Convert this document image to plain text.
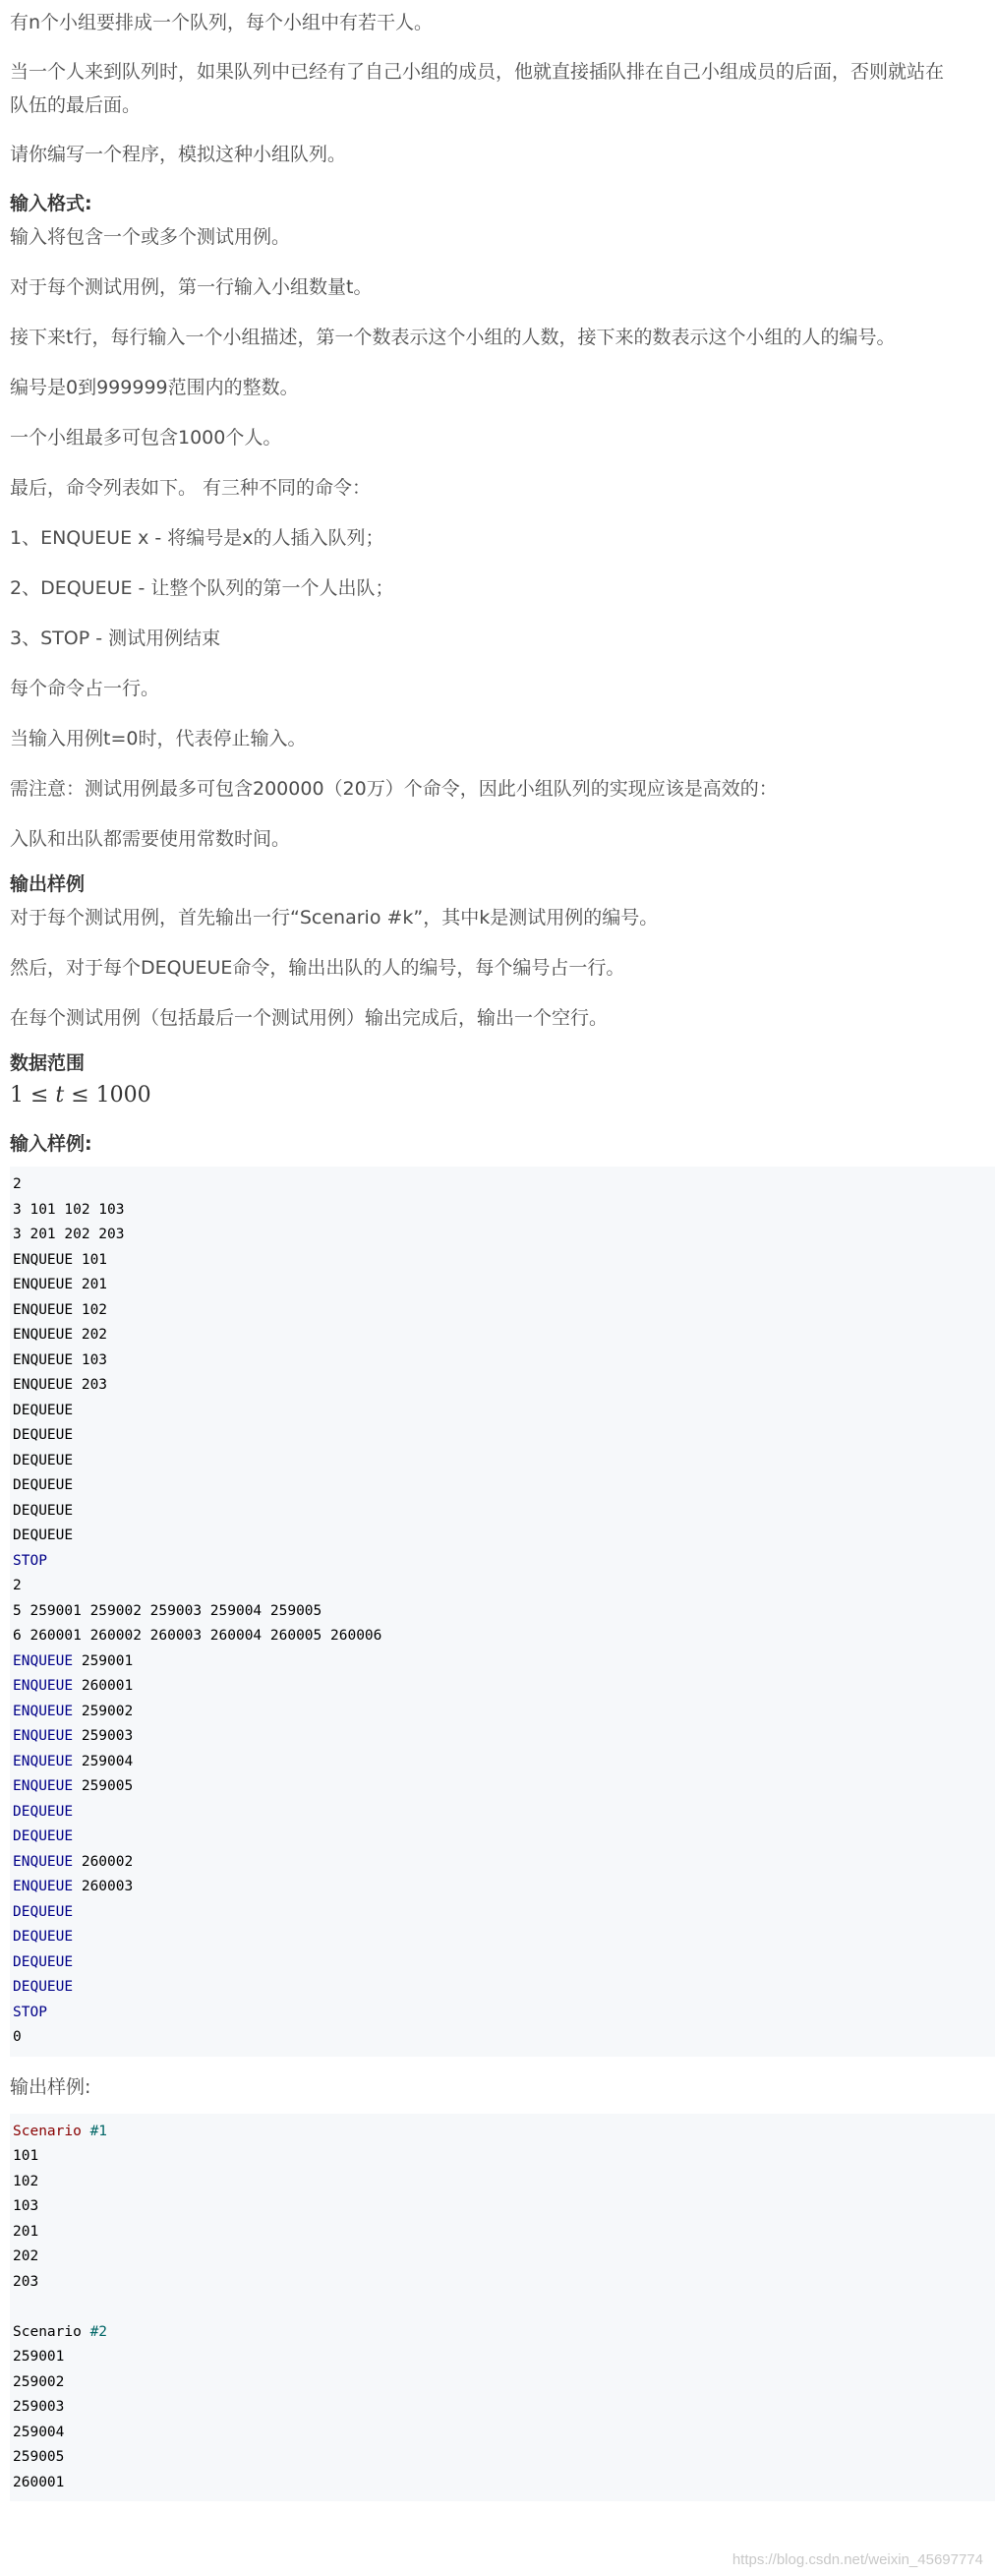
有n个小组要排成一个队列，每个小组中有若干人。

当一个人来到队列时，如果队列中已经有了自己小组的成员，他就直接插队排在自己小组成员的后面，否则就站在

队伍的最后面。

请你编写一个程序，模拟这种小组队列。

输入格式:

输入将包含一个或多个测试用例。

对于每个测试用例，第一行输入小组数量t。

接下来t行，每行输入一个小组描述，第一个数表示这个小组的人数，接下来的数表示这个小组的人的编号。

编号是0到999999范围内的整数。

一个小组最多可包含1000个人。

最后，命令列表如下。 有三种不同的命令：

1、ENQUEUE x - 将编号是x的人插入队列；

2、DEQUEUE - 让整个队列的第一个人出队；

3、STOP - 测试用例结束

每个命令占一行。

当输入用例t=0时，代表停止输入。

需注意：测试用例最多可包含200000（20万）个命令，因此小组队列的实现应该是高效的：

入队和出队都需要使用常数时间。

输出样例

对于每个测试用例，首先输出一行“Scenario #k”，其中k是测试用例的编号。

然后，对于每个DEQUEUE命令，输出出队的人的编号，每个编号占一行。

在每个测试用例（包括最后一个测试用例）输出完成后，输出一个空行。

数据范围

1 ≤ t ≤ 1000

输入样例:

2
3 101 102 103
3 201 202 203
ENQUEUE 101
ENQUEUE 201
ENQUEUE 102
ENQUEUE 202
ENQUEUE 103
ENQUEUE 203
DEQUEUE
DEQUEUE
DEQUEUE
DEQUEUE
DEQUEUE
DEQUEUE
STOP
2
5 259001 259002 259003 259004 259005
6 260001 260002 260003 260004 260005 260006
ENQUEUE 259001
ENQUEUE 260001
ENQUEUE 259002
ENQUEUE 259003
ENQUEUE 259004
ENQUEUE 259005
DEQUEUE
DEQUEUE
ENQUEUE 260002
ENQUEUE 260003
DEQUEUE
DEQUEUE
DEQUEUE
DEQUEUE
STOP
0

输出样例:

Scenario #1
101
102
103
201
202
203
Scenario #2
259001
259002
259003
259004
259005
260001
https://blog.csdn.net/weixin_45697774
